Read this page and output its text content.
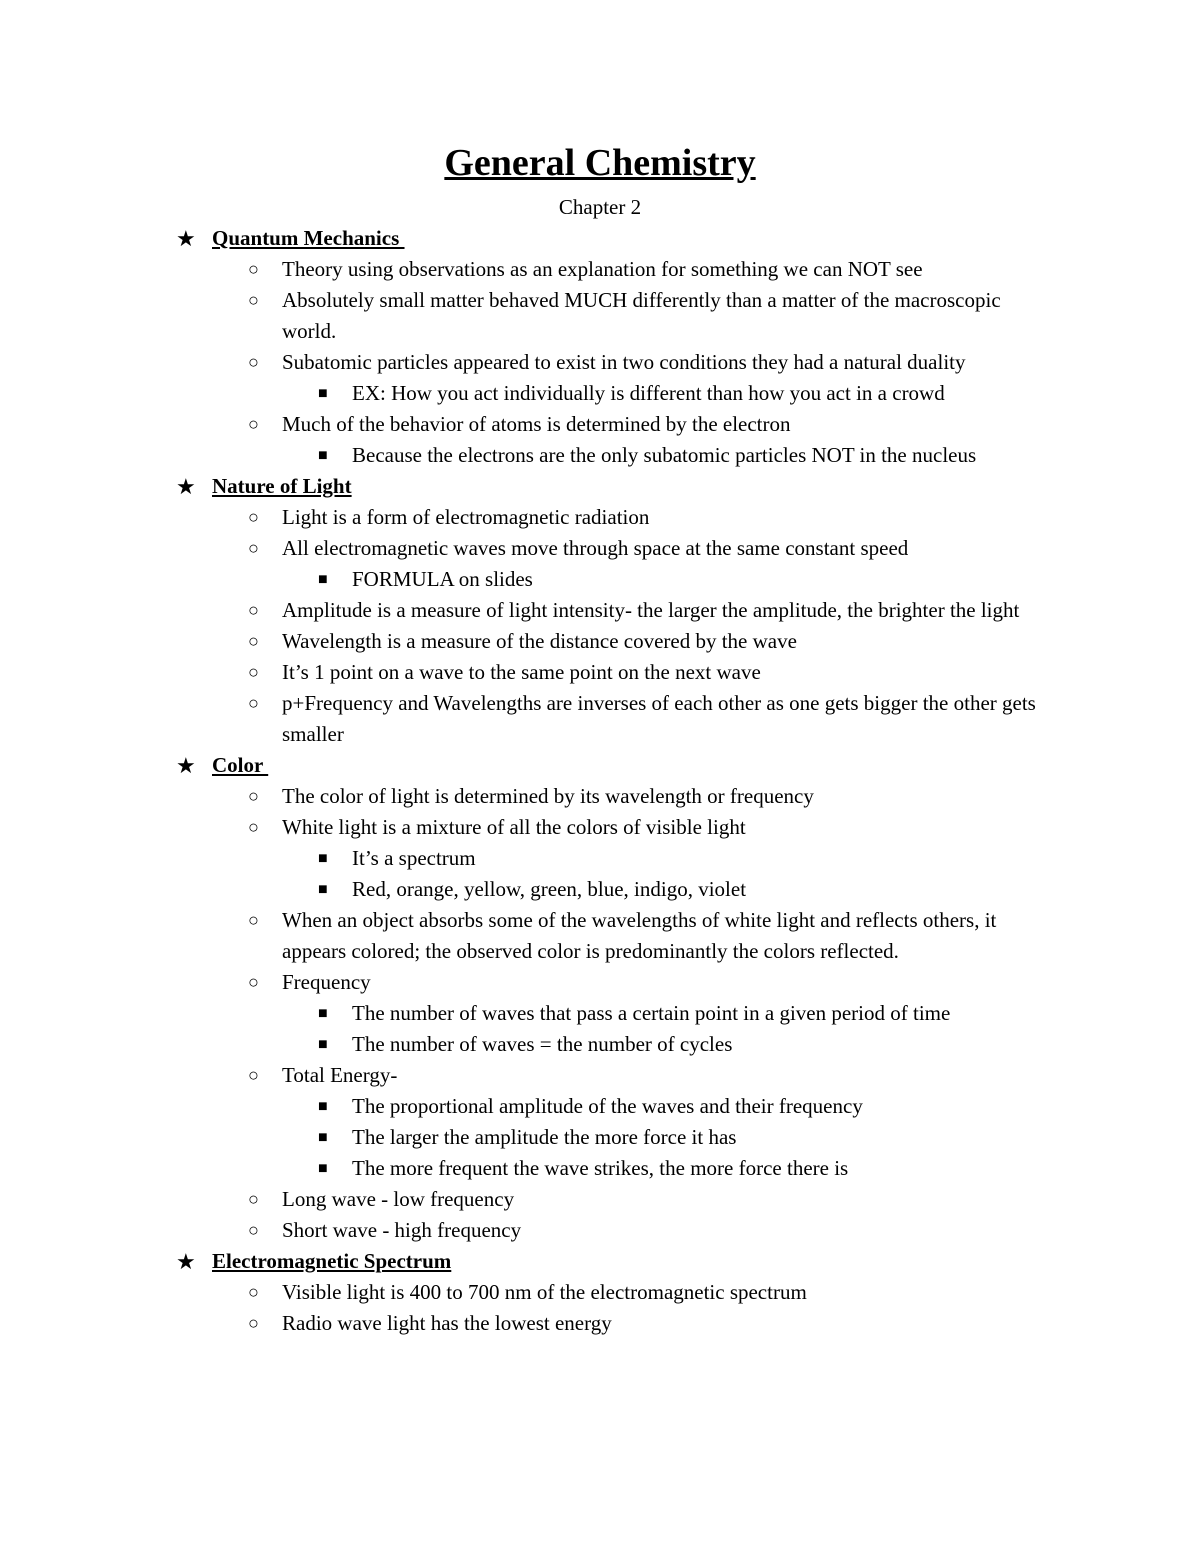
General Chemistry
Chapter 2
★ Quantum Mechanics
○ Theory using observations as an explanation for something we can NOT see
○ Absolutely small matter behaved MUCH differently than a matter of the macroscopic world.
○ Subatomic particles appeared to exist in two conditions they had a natural duality
■ EX: How you act individually is different than how you act in a crowd
○ Much of the behavior of atoms is determined by the electron
■ Because the electrons are the only subatomic particles NOT in the nucleus
★ Nature of Light
○ Light is a form of electromagnetic radiation
○ All electromagnetic waves move through space at the same constant speed
■ FORMULA on slides
○ Amplitude is a measure of light intensity- the larger the amplitude, the brighter the light
○ Wavelength is a measure of the distance covered by the wave
○ It’s 1 point on a wave to the same point on the next wave
○ p+Frequency and Wavelengths are inverses of each other as one gets bigger the other gets smaller
★ Color
○ The color of light is determined by its wavelength or frequency
○ White light is a mixture of all the colors of visible light
■ It’s a spectrum
■ Red, orange, yellow, green, blue, indigo, violet
○ When an object absorbs some of the wavelengths of white light and reflects others, it appears colored; the observed color is predominantly the colors reflected.
○ Frequency
■ The number of waves that pass a certain point in a given period of time
■ The number of waves = the number of cycles
○ Total Energy-
■ The proportional amplitude of the waves and their frequency
■ The larger the amplitude the more force it has
■ The more frequent the wave strikes, the more force there is
○ Long wave - low frequency
○ Short wave - high frequency
★ Electromagnetic Spectrum
○ Visible light is 400 to 700 nm of the electromagnetic spectrum
○ Radio wave light has the lowest energy
